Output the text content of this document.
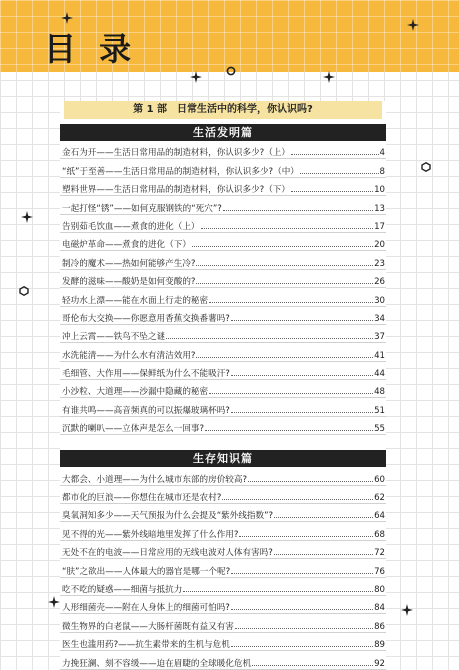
目 录
第 1 部　日常生活中的科学，你认识吗?
生活发明篇
金石为开——生活日常用品的制造材料，你认识多少?（上）	4
“纸”于至善——生活日常用品的制造材料，你认识多少?（中）	8
塑料世界——生活日常用品的制造材料，你认识多少?（下）	10
一起打怪“锈”——如何克服钢铁的“死穴”?	13
告别茹毛饮血——煮食的进化（上）	17
电磁炉革命——煮食的进化（下）	20
制冷的魔术——热如何能够产生冷?	23
发酵的滋味——酸奶是如何变酸的?	26
轻功水上漂——能在水面上行走的秘密	30
哥伦布大交换——你愿意用香蕉交换番薯吗?	34
冲上云霄——铁鸟不坠之谜	37
水洗能清——为什么水有清洁效用?	41
毛细管、大作用——保鲜纸为什么不能吸汗?	44
小沙粒、大道理——沙漏中隐藏的秘密	48
有谁共鸣——高音频真的可以振爆玻璃杯吗?	51
沉默的喇叭——立体声是怎么一回事?	55
生存知识篇
大都会、小道理——为什么城市东部的房价较高?	60
都市化的巨浪——你想住在城市还是农村?	62
臭氧洞知多少——天气预报为什么会提及“紫外线指数”?	64
见不得的光——紫外线暗地里发挥了什么作用?	68
无处不在的电波——日常应用的无线电波对人体有害吗?	72
“肤”之欲出——人体最大的器官是哪一个呢?	76
吃不吃的疑惑——细菌与抵抗力	80
人形细菌壳——附在人身体上的细菌可怕吗?	84
微生物界的白老鼠——大肠杆菌既有益又有害	86
医生也滥用药?——抗生素带来的生机与危机	89
力挽狂澜、刻不容缓——迫在眉睫的全球暖化危机	92
